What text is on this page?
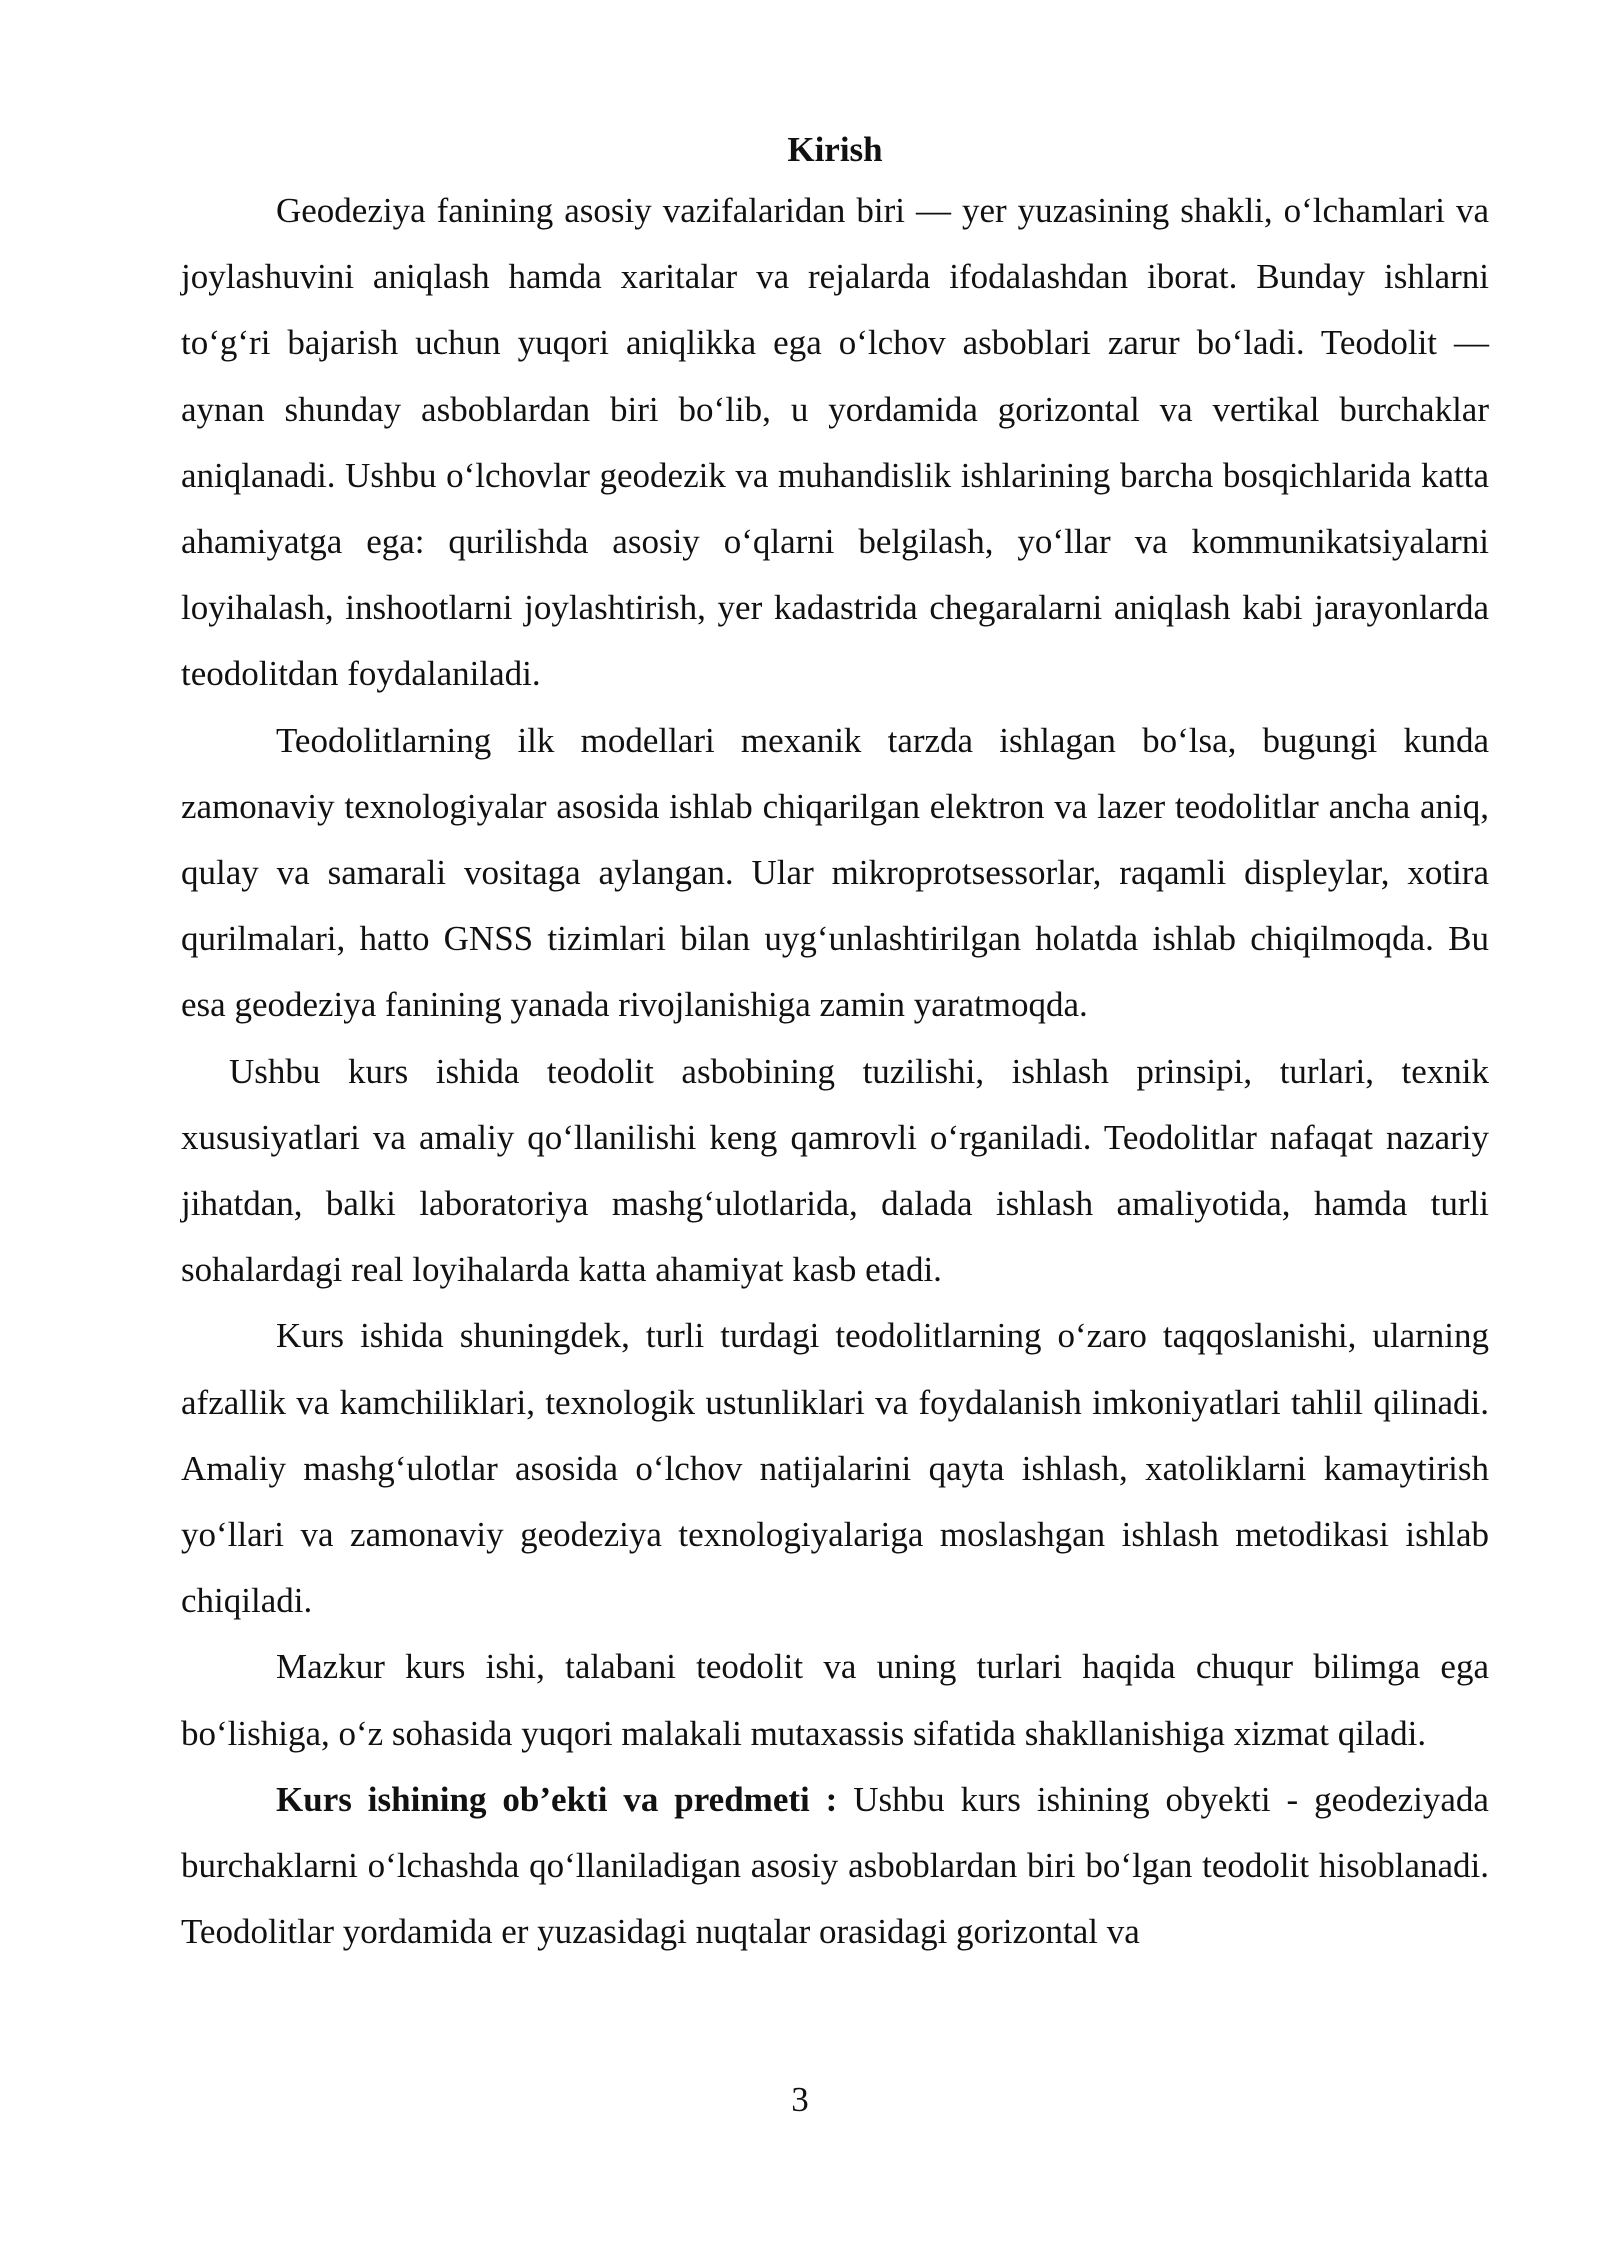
Kirish

Geodeziya fanining asosiy vazifalaridan biri — yer yuzasining shakli, o‘lchamlari va joylashuvini aniqlash hamda xaritalar va rejalarda ifodalashdan iborat. Bunday ishlarni to‘g‘ri bajarish uchun yuqori aniqlikka ega o‘lchov asboblari zarur bo‘ladi. Teodolit — aynan shunday asboblardan biri bo‘lib, u yordamida gorizontal va vertikal burchaklar aniqlanadi. Ushbu o‘lchovlar geodezik va muhandislik ishlarining barcha bosqichlarida katta ahamiyatga ega: qurilishda asosiy o‘qlarni belgilash, yo‘llar va kommunikatsiyalarni loyihalash, inshootlarni joylashtirish, yer kadastrida chegaralarni aniqlash kabi jarayonlarda teodolitdan foydalaniladi.

Teodolitlarning ilk modellari mexanik tarzda ishlagan bo‘lsa, bugungi kunda zamonaviy texnologiyalar asosida ishlab chiqarilgan elektron va lazer teodolitlar ancha aniq, qulay va samarali vositaga aylangan. Ular mikroprotsessorlar, raqamli displeylar, xotira qurilmalari, hatto GNSS tizimlari bilan uyg‘unlashtirilgan holatda ishlab chiqilmoqda. Bu esa geodeziya fanining yanada rivojlanishiga zamin yaratmoqda.

Ushbu kurs ishida teodolit asbobining tuzilishi, ishlash prinsipi, turlari, texnik xususiyatlari va amaliy qo‘llanilishi keng qamrovli o‘rganiladi. Teodolitlar nafaqat nazariy jihatdan, balki laboratoriya mashg‘ulotlarida, dalada ishlash amaliyotida, hamda turli sohalardagi real loyihalarda katta ahamiyat kasb etadi.

Kurs ishida shuningdek, turli turdagi teodolitlarning o‘zaro taqqoslanishi, ularning afzallik va kamchiliklari, texnologik ustunliklari va foydalanish imkoniyatlari tahlil qilinadi. Amaliy mashg‘ulotlar asosida o‘lchov natijalarini qayta ishlash, xatoliklarni kamaytirish yo‘llari va zamonaviy geodeziya texnologiyalariga moslashgan ishlash metodikasi ishlab chiqiladi.

Mazkur kurs ishi, talabani teodolit va uning turlari haqida chuqur bilimga ega bo‘lishiga, o‘z sohasida yuqori malakali mutaxassis sifatida shakllanishiga xizmat qiladi.

Kurs ishining ob’ekti va predmeti : Ushbu kurs ishining obyekti - geodeziyada burchaklarni o‘lchashda qo‘llaniladigan asosiy asboblardan biri bo‘lgan teodolit hisoblanadi. Teodolitlar yordamida er yuzasidagi nuqtalar orasidagi gorizontal va

3
